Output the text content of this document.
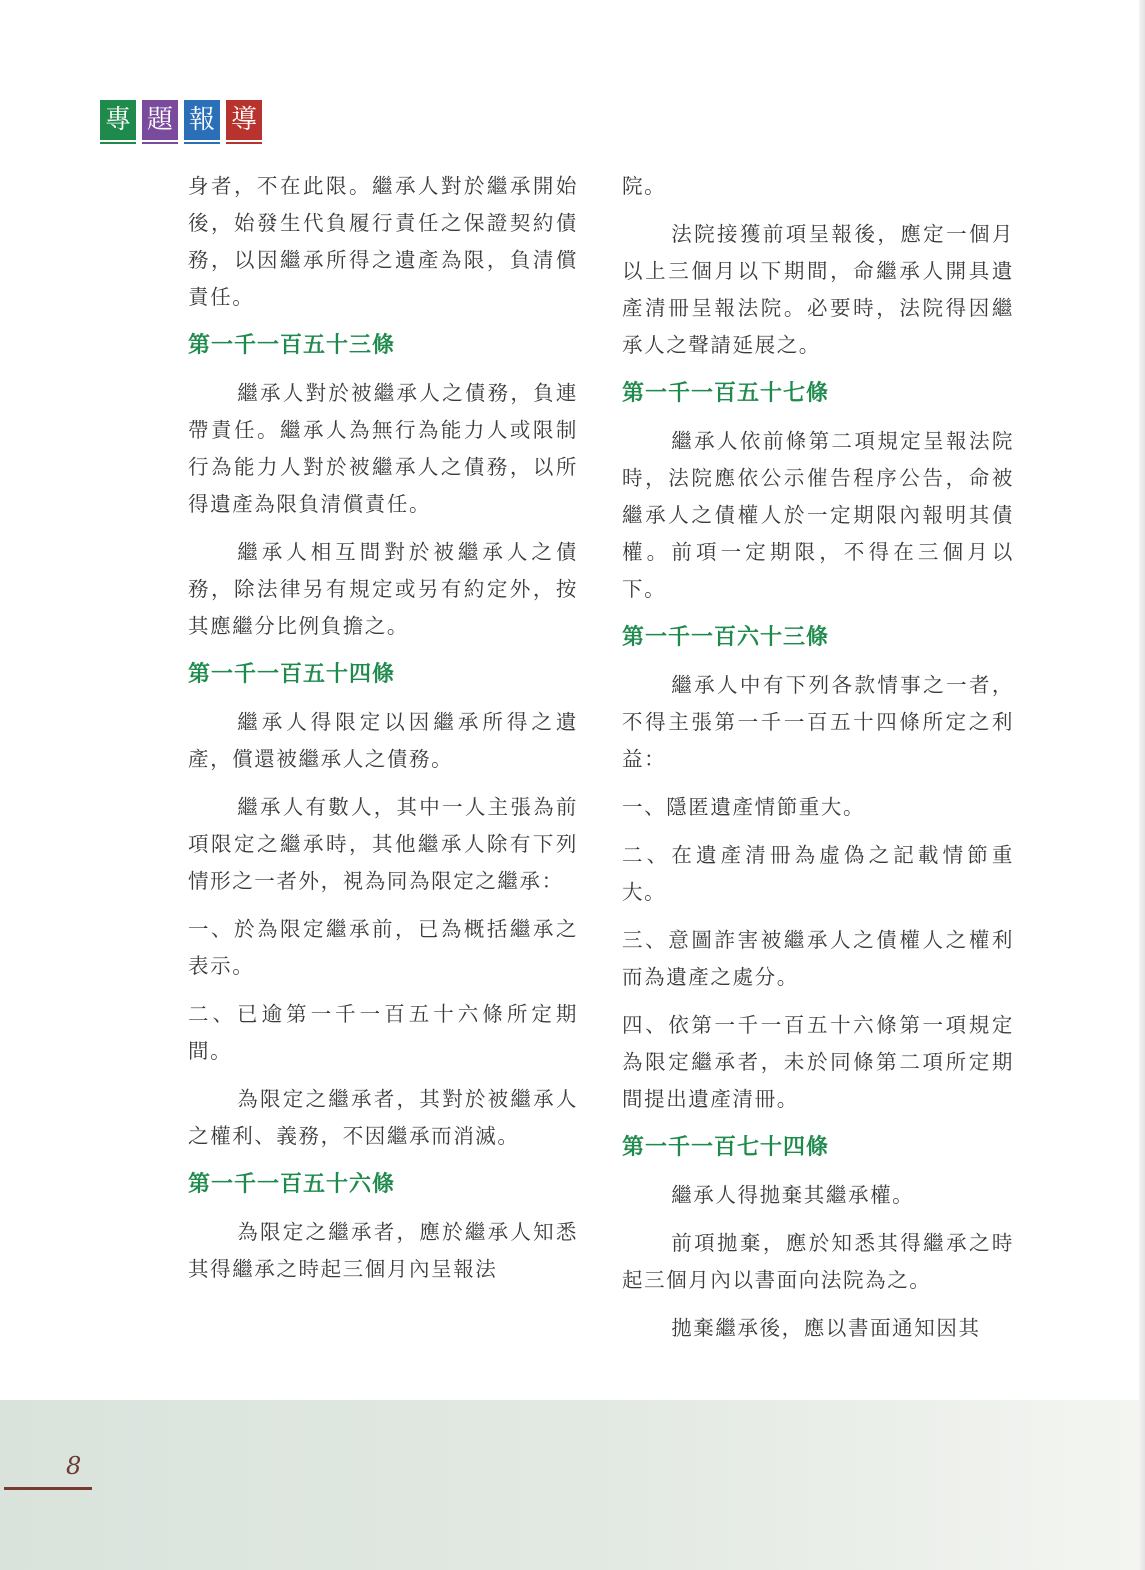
專 題 報 導
身者，不在此限。繼承人對於繼承開始後，始發生代負履行責任之保證契約債務，以因繼承所得之遺產為限，負清償責任。
第一千一百五十三條
繼承人對於被繼承人之債務，負連帶責任。繼承人為無行為能力人或限制行為能力人對於被繼承人之債務，以所得遺產為限負清償責任。
繼承人相互間對於被繼承人之債務，除法律另有規定或另有約定外，按其應繼分比例負擔之。
第一千一百五十四條
繼承人得限定以因繼承所得之遺產，償還被繼承人之債務。
繼承人有數人，其中一人主張為前項限定之繼承時，其他繼承人除有下列情形之一者外，視為同為限定之繼承：
一、於為限定繼承前，已為概括繼承之表示。
二、已逾第一千一百五十六條所定期間。
為限定之繼承者，其對於被繼承人之權利、義務，不因繼承而消滅。
第一千一百五十六條
為限定之繼承者，應於繼承人知悉其得繼承之時起三個月內呈報法
院。
法院接獲前項呈報後，應定一個月以上三個月以下期間，命繼承人開具遺產清冊呈報法院。必要時，法院得因繼承人之聲請延展之。
第一千一百五十七條
繼承人依前條第二項規定呈報法院時，法院應依公示催告程序公告，命被繼承人之債權人於一定期限內報明其債權。前項一定期限，不得在三個月以下。
第一千一百六十三條
繼承人中有下列各款情事之一者，不得主張第一千一百五十四條所定之利益：
一、隱匿遺產情節重大。
二、在遺產清冊為虛偽之記載情節重大。
三、意圖詐害被繼承人之債權人之權利而為遺產之處分。
四、依第一千一百五十六條第一項規定為限定繼承者，未於同條第二項所定期間提出遺產清冊。
第一千一百七十四條
繼承人得拋棄其繼承權。
前項拋棄，應於知悉其得繼承之時起三個月內以書面向法院為之。
拋棄繼承後，應以書面通知因其
8
